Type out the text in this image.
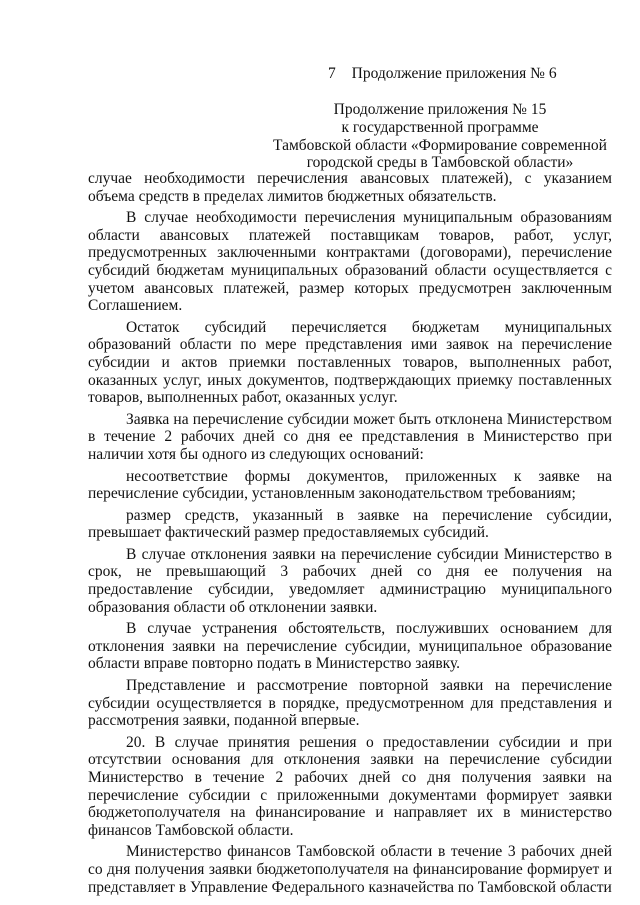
7 Продолжение приложения № 6
Продолжение приложения № 15
к государственной программе
Тамбовской области «Формирование современной
городской среды в Тамбовской области»

случае необходимости перечисления авансовых платежей), с указанием объема средств в пределах лимитов бюджетных обязательств.

В случае необходимости перечисления муниципальным образованиям области авансовых платежей поставщикам товаров, работ, услуг, предусмотренных заключенными контрактами (договорами), перечисление субсидий бюджетам муниципальных образований области осуществляется с учетом авансовых платежей, размер которых предусмотрен заключенным Соглашением.

Остаток субсидий перечисляется бюджетам муниципальных образований области по мере представления ими заявок на перечисление субсидии и актов приемки поставленных товаров, выполненных работ, оказанных услуг, иных документов, подтверждающих приемку поставленных товаров, выполненных работ, оказанных услуг.

Заявка на перечисление субсидии может быть отклонена Министерством в течение 2 рабочих дней со дня ее представления в Министерство при наличии хотя бы одного из следующих оснований:

несоответствие формы документов, приложенных к заявке на перечисление субсидии, установленным законодательством требованиям;

размер средств, указанный в заявке на перечисление субсидии, превышает фактический размер предоставляемых субсидий.

В случае отклонения заявки на перечисление субсидии Министерство в срок, не превышающий 3 рабочих дней со дня ее получения на предоставление субсидии, уведомляет администрацию муниципального образования области об отклонении заявки.

В случае устранения обстоятельств, послуживших основанием для отклонения заявки на перечисление субсидии, муниципальное образование области вправе повторно подать в Министерство заявку.

Представление и рассмотрение повторной заявки на перечисление субсидии осуществляется в порядке, предусмотренном для представления и рассмотрения заявки, поданной впервые.

20. В случае принятия решения о предоставлении субсидии и при отсутствии основания для отклонения заявки на перечисление субсидии Министерство в течение 2 рабочих дней со дня получения заявки на перечисление субсидии с приложенными документами формирует заявки бюджетополучателя на финансирование и направляет их в министерство финансов Тамбовской области.

Министерство финансов Тамбовской области в течение 3 рабочих дней со дня получения заявки бюджетополучателя на финансирование формирует и представляет в Управление Федерального казначейства по Тамбовской области
